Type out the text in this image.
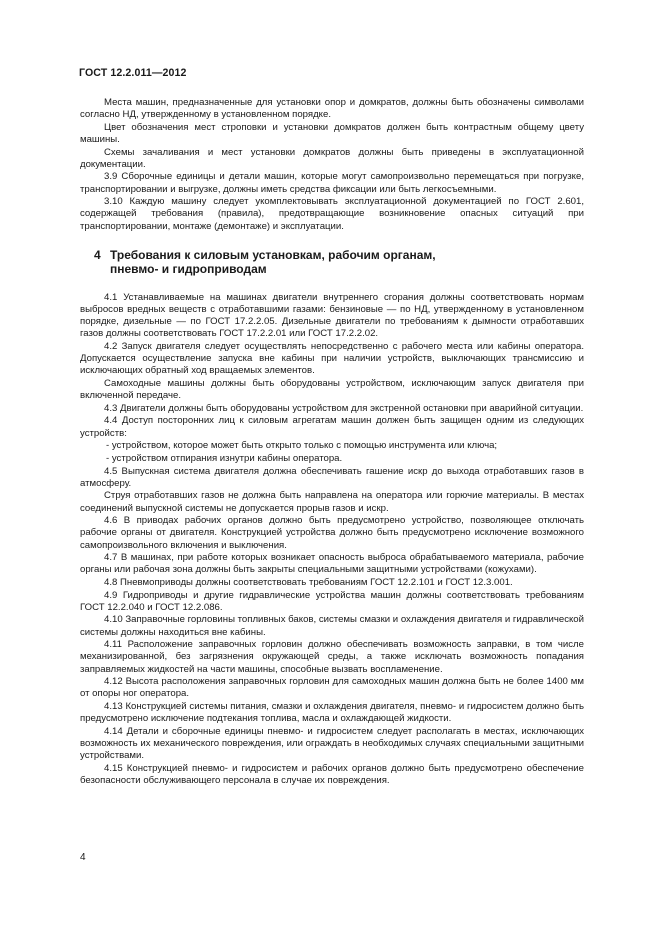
ГОСТ 12.2.011—2012

Места машин, предназначенные для установки опор и домкратов, должны быть обозначены символами согласно НД, утвержденному в установленном порядке.

Цвет обозначения мест строповки и установки домкратов должен быть контрастным общему цвету машины.

Схемы зачаливания и мест установки домкратов должны быть приведены в эксплуатационной документации.

3.9 Сборочные единицы и детали машин, которые могут самопроизвольно перемещаться при погрузке, транспортировании и выгрузке, должны иметь средства фиксации или быть легкосъемными.

3.10 Каждую машину следует укомплектовывать эксплуатационной документацией по ГОСТ 2.601, содержащей требования (правила), предотвращающие возникновение опасных ситуаций при транспортировании, монтаже (демонтаже) и эксплуатации.

4 Требования к силовым установкам, рабочим органам,
пневмо- и гидроприводам

4.1 Устанавливаемые на машинах двигатели внутреннего сгорания должны соответствовать нормам выбросов вредных веществ с отработавшими газами: бензиновые — по НД, утвержденному в установленном порядке, дизельные — по ГОСТ 17.2.2.05. Дизельные двигатели по требованиям к дымности отработавших газов должны соответствовать ГОСТ 17.2.2.01 или ГОСТ 17.2.2.02.

4.2 Запуск двигателя следует осуществлять непосредственно с рабочего места или кабины оператора. Допускается осуществление запуска вне кабины при наличии устройств, выключающих трансмиссию и исключающих обратный ход вращаемых элементов.

Самоходные машины должны быть оборудованы устройством, исключающим запуск двигателя при включенной передаче.

4.3 Двигатели должны быть оборудованы устройством для экстренной остановки при аварийной ситуации.

4.4 Доступ посторонних лиц к силовым агрегатам машин должен быть защищен одним из следующих устройств:

- устройством, которое может быть открыто только с помощью инструмента или ключа;

- устройством отпирания изнутри кабины оператора.

4.5 Выпускная система двигателя должна обеспечивать гашение искр до выхода отработавших газов в атмосферу.

Струя отработавших газов не должна быть направлена на оператора или горючие материалы. В местах соединений выпускной системы не допускается прорыв газов и искр.

4.6 В приводах рабочих органов должно быть предусмотрено устройство, позволяющее отключать рабочие органы от двигателя. Конструкцией устройства должно быть предусмотрено исключение возможного самопроизвольного включения и выключения.

4.7 В машинах, при работе которых возникает опасность выброса обрабатываемого материала, рабочие органы или рабочая зона должны быть закрыты специальными защитными устройствами (кожухами).

4.8 Пневмоприводы должны соответствовать требованиям ГОСТ 12.2.101 и ГОСТ 12.3.001.

4.9 Гидроприводы и другие гидравлические устройства машин должны соответствовать требованиям ГОСТ 12.2.040 и ГОСТ 12.2.086.

4.10 Заправочные горловины топливных баков, системы смазки и охлаждения двигателя и гидравлической системы должны находиться вне кабины.

4.11 Расположение заправочных горловин должно обеспечивать возможность заправки, в том числе механизированной, без загрязнения окружающей среды, а также исключать возможность попадания заправляемых жидкостей на части машины, способные вызвать воспламенение.

4.12 Высота расположения заправочных горловин для самоходных машин должна быть не более 1400 мм от опоры ног оператора.

4.13 Конструкцией системы питания, смазки и охлаждения двигателя, пневмо- и гидросистем должно быть предусмотрено исключение подтекания топлива, масла и охлаждающей жидкости.

4.14 Детали и сборочные единицы пневмо- и гидросистем следует располагать в местах, исключающих возможность их механического повреждения, или ограждать в необходимых случаях специальными защитными устройствами.

4.15 Конструкцией пневмо- и гидросистем и рабочих органов должно быть предусмотрено обеспечение безопасности обслуживающего персонала в случае их повреждения.

4
